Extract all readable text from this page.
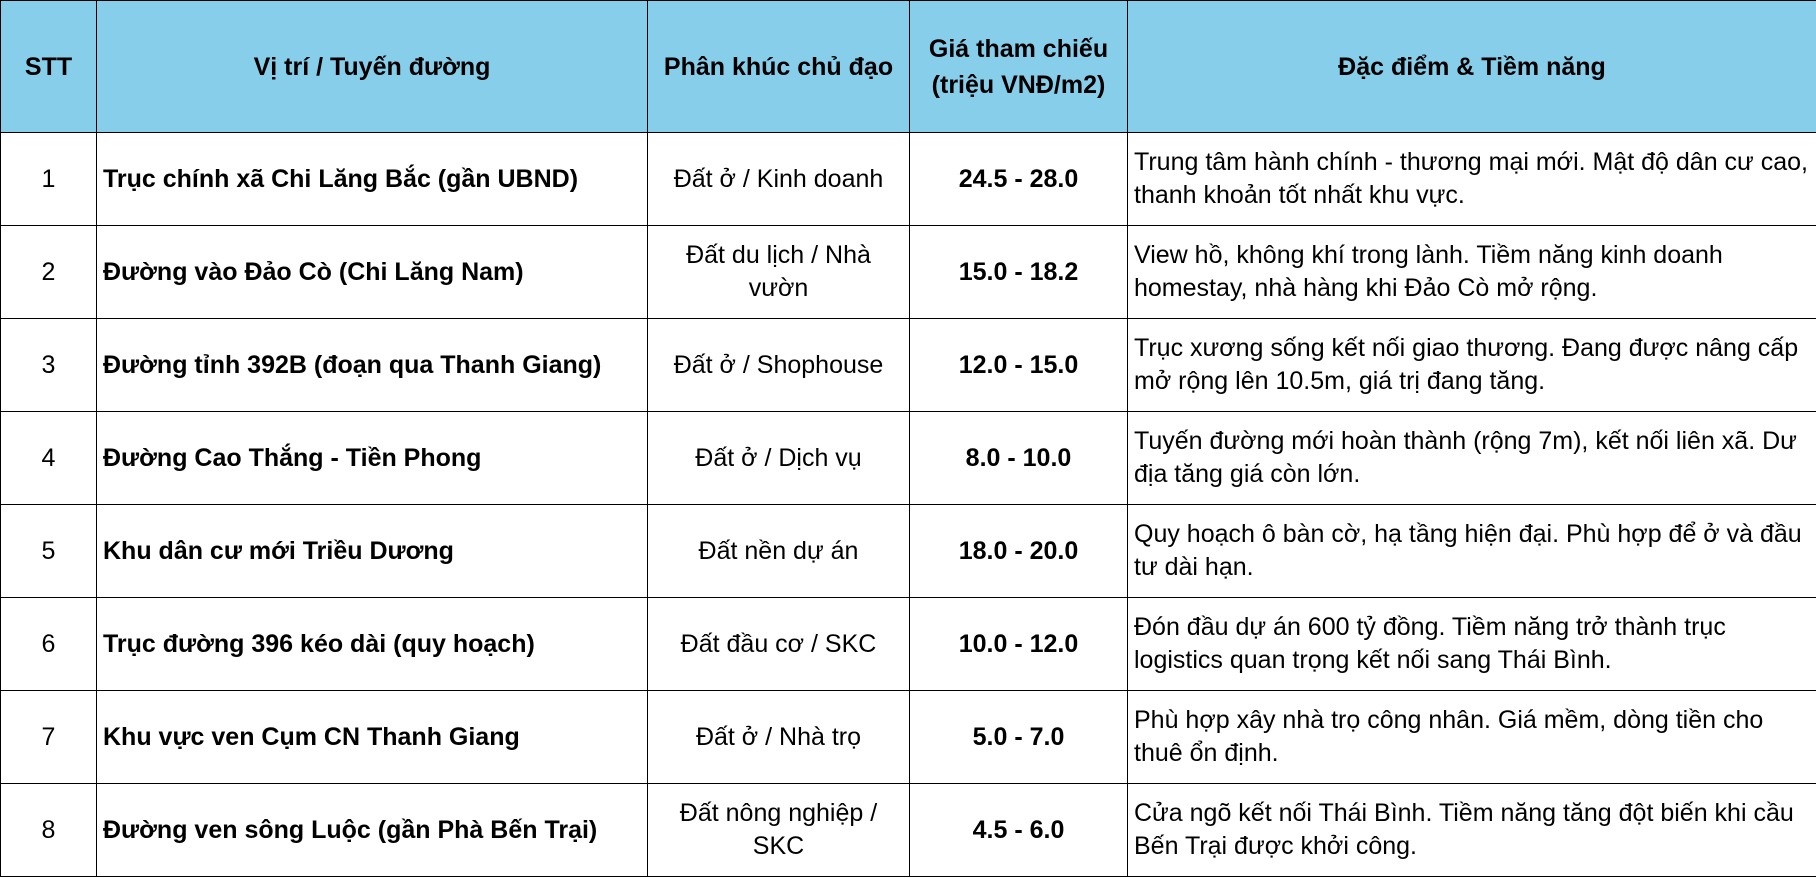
STT	Vị trí / Tuyến đường	Phân khúc chủ đạo	Giá tham chiếu (triệu VNĐ/m2)	Đặc điểm & Tiềm năng
1	Trục chính xã Chi Lăng Bắc (gần UBND)	Đất ở / Kinh doanh	24.5 - 28.0	Trung tâm hành chính - thương mại mới. Mật độ dân cư cao, thanh khoản tốt nhất khu vực.
2	Đường vào Đảo Cò (Chi Lăng Nam)	Đất du lịch / Nhà vườn	15.0 - 18.2	View hồ, không khí trong lành. Tiềm năng kinh doanh homestay, nhà hàng khi Đảo Cò mở rộng.
3	Đường tỉnh 392B (đoạn qua Thanh Giang)	Đất ở / Shophouse	12.0 - 15.0	Trục xương sống kết nối giao thương. Đang được nâng cấp mở rộng lên 10.5m, giá trị đang tăng.
4	Đường Cao Thắng - Tiền Phong	Đất ở / Dịch vụ	8.0 - 10.0	Tuyến đường mới hoàn thành (rộng 7m), kết nối liên xã. Dư địa tăng giá còn lớn.
5	Khu dân cư mới Triều Dương	Đất nền dự án	18.0 - 20.0	Quy hoạch ô bàn cờ, hạ tầng hiện đại. Phù hợp để ở và đầu tư dài hạn.
6	Trục đường 396 kéo dài (quy hoạch)	Đất đầu cơ / SKC	10.0 - 12.0	Đón đầu dự án 600 tỷ đồng. Tiềm năng trở thành trục logistics quan trọng kết nối sang Thái Bình.
7	Khu vực ven Cụm CN Thanh Giang	Đất ở / Nhà trọ	5.0 - 7.0	Phù hợp xây nhà trọ công nhân. Giá mềm, dòng tiền cho thuê ổn định.
8	Đường ven sông Luộc (gần Phà Bến Trại)	Đất nông nghiệp / SKC	4.5 - 6.0	Cửa ngõ kết nối Thái Bình. Tiềm năng tăng đột biến khi cầu Bến Trại được khởi công.
